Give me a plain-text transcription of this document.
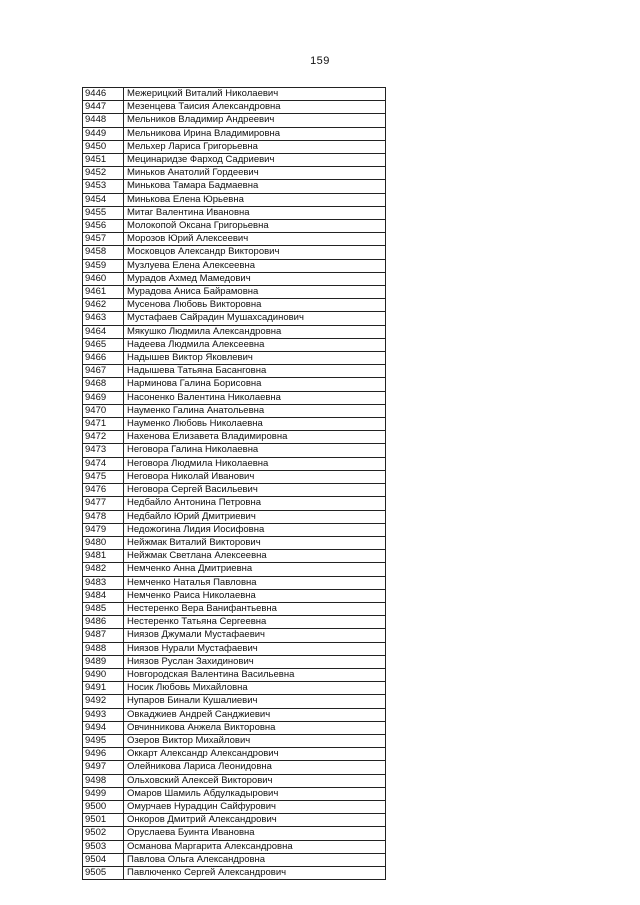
159
9446	Межерицкий Виталий Николаевич
9447	Мезенцева Таисия Александровна
9448	Мельников Владимир Андреевич
9449	Мельникова Ирина Владимировна
9450	Мельхер Лариса Григорьевна
9451	Мецинаридзе Фарход Садриевич
9452	Миньков Анатолий Гордеевич
9453	Минькова Тамара Бадмаевна
9454	Минькова Елена Юрьевна
9455	Митаг Валентина Ивановна
9456	Молокопой Оксана Григорьевна
9457	Морозов Юрий Алексеевич
9458	Московцов Александр Викторович
9459	Музлуева Елена Алексеевна
9460	Мурадов Ахмед Мамедович
9461	Мурадова Аниса Байрамовна
9462	Мусенова Любовь Викторовна
9463	Мустафаев Сайрадин Мушахсадинович
9464	Мякушко Людмила Александровна
9465	Надеева Людмила Алексеевна
9466	Надышев Виктор Яковлевич
9467	Надышева Татьяна Басанговна
9468	Нарминова Галина Борисовна
9469	Насоненко Валентина Николаевна
9470	Науменко Галина Анатольевна
9471	Науменко Любовь Николаевна
9472	Нахенова Елизавета Владимировна
9473	Неговора Галина Николаевна
9474	Неговора Людмила Николаевна
9475	Неговора Николай Иванович
9476	Неговора Сергей Васильевич
9477	Недбайло Антонина Петровна
9478	Недбайло Юрий Дмитриевич
9479	Недожогина Лидия Иосифовна
9480	Нейжмак Виталий Викторович
9481	Нейжмак Светлана Алексеевна
9482	Немченко Анна Дмитриевна
9483	Немченко Наталья Павловна
9484	Немченко Раиса Николаевна
9485	Нестеренко Вера Ванифантьевна
9486	Нестеренко Татьяна Сергеевна
9487	Ниязов Джумали Мустафаевич
9488	Ниязов Нурали Мустафаевич
9489	Ниязов Руслан Захидинович
9490	Новгородская Валентина Васильевна
9491	Носик Любовь Михайловна
9492	Нупаров Бинали Кушалиевич
9493	Овкаджиев Андрей Санджиевич
9494	Овчинникова Анжела Викторовна
9495	Озеров Виктор Михайлович
9496	Оккарт Александр Александрович
9497	Олейникова Лариса Леонидовна
9498	Ольховский Алексей Викторович
9499	Омаров Шамиль Абдулкадырович
9500	Омурчаев Нурадцин Сайфурович
9501	Онкоров Дмитрий Александрович
9502	Оруслаева Буинта Ивановна
9503	Османова Маргарита Александровна
9504	Павлова Ольга Александровна
9505	Павлюченко Сергей Александрович
